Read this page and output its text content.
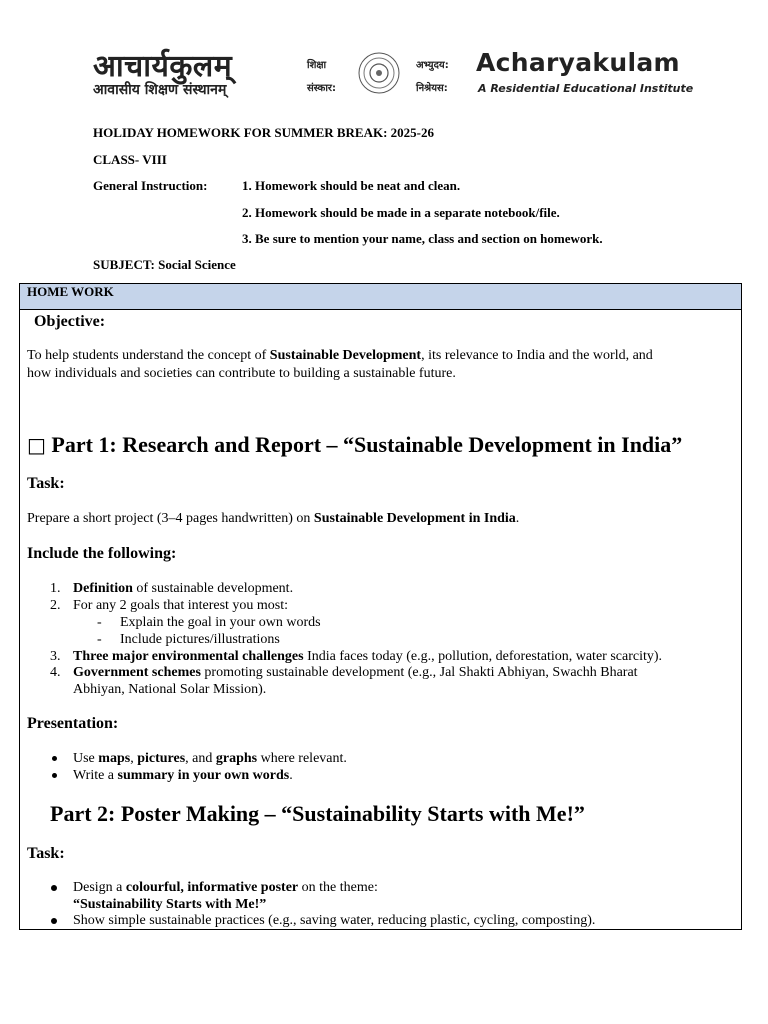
आचार्यकुलम्
आवासीय शिक्षण संस्थानम्
शिक्षा
संस्कार:
अभ्युदय:
निश्रेयस:
Acharyakulam
A Residential Educational Institute
HOLIDAY HOMEWORK FOR SUMMER BREAK: 2025-26
CLASS- VIII
General Instruction:	1. Homework should be neat and clean.
2. Homework should be made in a separate notebook/file.
3. Be sure to mention your name, class and section on homework.
SUBJECT: Social Science
HOME WORK
Objective:
To help students understand the concept of Sustainable Development, its relevance to India and the world, and
how individuals and societies can contribute to building a sustainable future.
□ Part 1: Research and Report – “Sustainable Development in India”
Task:
Prepare a short project (3–4 pages handwritten) on Sustainable Development in India.
Include the following:
1. Definition of sustainable development.
2. For any 2 goals that interest you most:
- Explain the goal in your own words
- Include pictures/illustrations
3. Three major environmental challenges India faces today (e.g., pollution, deforestation, water scarcity).
4. Government schemes promoting sustainable development (e.g., Jal Shakti Abhiyan, Swachh Bharat
Abhiyan, National Solar Mission).
Presentation:
Use maps, pictures, and graphs where relevant.
Write a summary in your own words.
Part 2: Poster Making – “Sustainability Starts with Me!”
Task:
Design a colourful, informative poster on the theme:
“Sustainability Starts with Me!”
Show simple sustainable practices (e.g., saving water, reducing plastic, cycling, composting).
